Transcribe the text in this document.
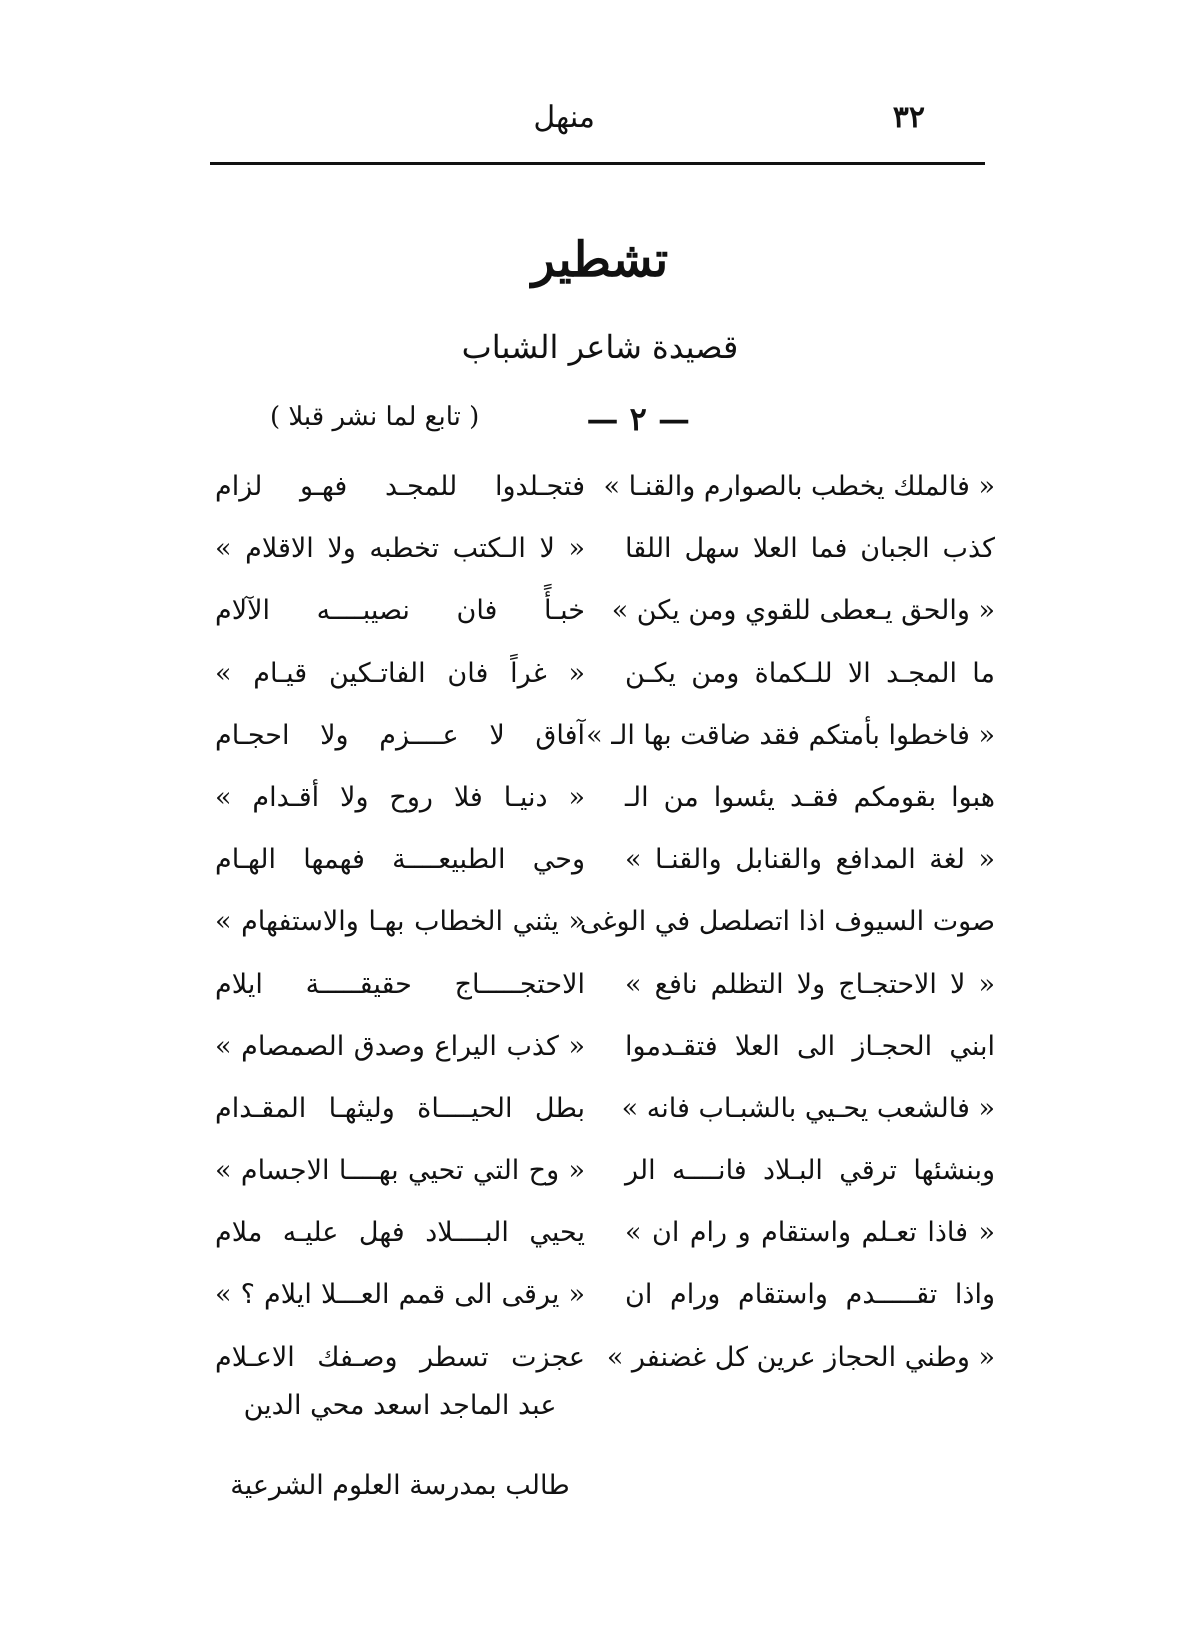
٣٢
منهل
تشطير
قصيدة شاعر الشباب
— ٢ —
( تابع لما نشر قبلا )
« فالملك يخطب بالصوارم والقنـا »
فتجـلدوا للمجـد فهـو لزام
كذب الجبان فما العلا سهل اللقا
« لا الـكتب تخطبه ولا الاقلام »
« والحق يـعطى للقوي ومن يكن »
خبـأً فان نصيبــــه الآلام
ما المجـد الا للـكماة ومن يكـن
« غراً فان الفاتـكين قيـام »
« فاخطوا بأمتكم فقد ضاقت بها الـ »
آفاق لا عــــزم ولا احجـام
هبوا بقومكم فقـد يئسوا من الـ
« دنيـا فلا روح ولا أقـدام »
« لغة المدافع والقنابل والقنـا »
وحي الطبيعــــة فهمها الهـام
صوت السيوف اذا اتصلصل في الوغى
« يثني الخطاب بهـا والاستفهام »
« لا الاحتجـاج ولا التظلم نافع »
الاحتجـــــاج حقيقـــــة ايلام
ابني الحجـاز الى العلا فتقـدموا
« كذب اليراع وصدق الصمصام »
« فالشعب يحـيي بالشبـاب فانه »
بطل الحيــــاة وليثهـا المقـدام
وبنشئها ترقي البـلاد فانــــه الر
« وح التي تحيي بهــــا الاجسام »
« فاذا تعـلم واستقام و رام ان »
يحيي البــــلاد فهل عليـه ملام
واذا تقـــــدم واستقام ورام ان
« يرقى الى قمم العـــلا ايلام ؟ »
« وطني الحجاز عرين كل غضنفر »
عجزت تسطر وصـفك الاعـلام
عبد الماجد اسعد محي الدين
طالب بمدرسة العلوم الشرعية
